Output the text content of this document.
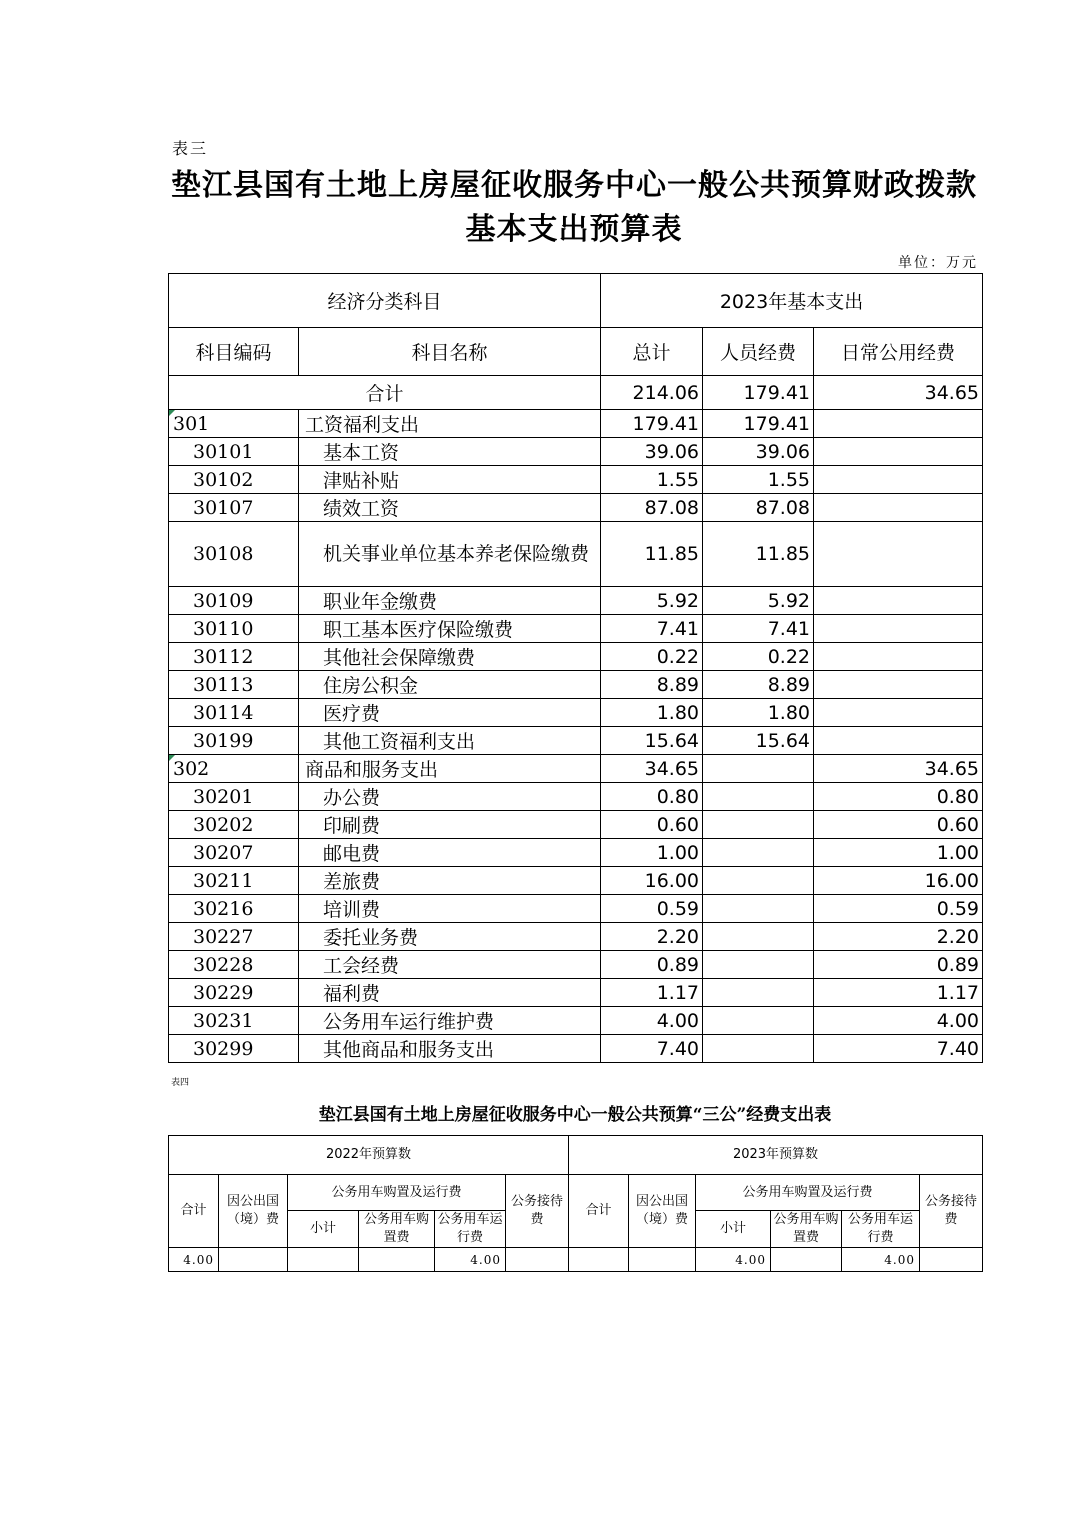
表三
垫江县国有土地上房屋征收服务中心一般公共预算财政拨款基本支出预算表
单位：万元
经济分类科目		2023年基本支出		
科目编码	科目名称	总计	人员经费	日常公用经费
合计		214.06	179.41	34.65
301	工资福利支出	179.41	179.41	
30101	基本工资	39.06	39.06	
30102	津贴补贴	1.55	1.55	
30107	绩效工资	87.08	87.08	
30108	机关事业单位基本养老保险缴费	11.85	11.85	
30109	职业年金缴费	5.92	5.92	
30110	职工基本医疗保险缴费	7.41	7.41	
30112	其他社会保障缴费	0.22	0.22	
30113	住房公积金	8.89	8.89	
30114	医疗费	1.80	1.80	
30199	其他工资福利支出	15.64	15.64	
302	商品和服务支出	34.65		34.65
30201	办公费	0.80		0.80
30202	印刷费	0.60		0.60
30207	邮电费	1.00		1.00
30211	差旅费	16.00		16.00
30216	培训费	0.59		0.59
30227	委托业务费	2.20		2.20
30228	工会经费	0.89		0.89
30229	福利费	1.17		1.17
30231	公务用车运行维护费	4.00		4.00
30299	其他商品和服务支出	7.40		7.40
表四
垫江县国有土地上房屋征收服务中心一般公共预算“三公”经费支出表
2022年预算数						2023年预算数					
合计	因公出国（境）费	公务用车购置及运行费			公务接待费	合计	因公出国（境）费	公务用车购置及运行费			公务接待费
		小计	公务用车购置费	公务用车运行费				小计	公务用车购置费	公务用车运行费	
4.00				4.00				4.00		4.00	
